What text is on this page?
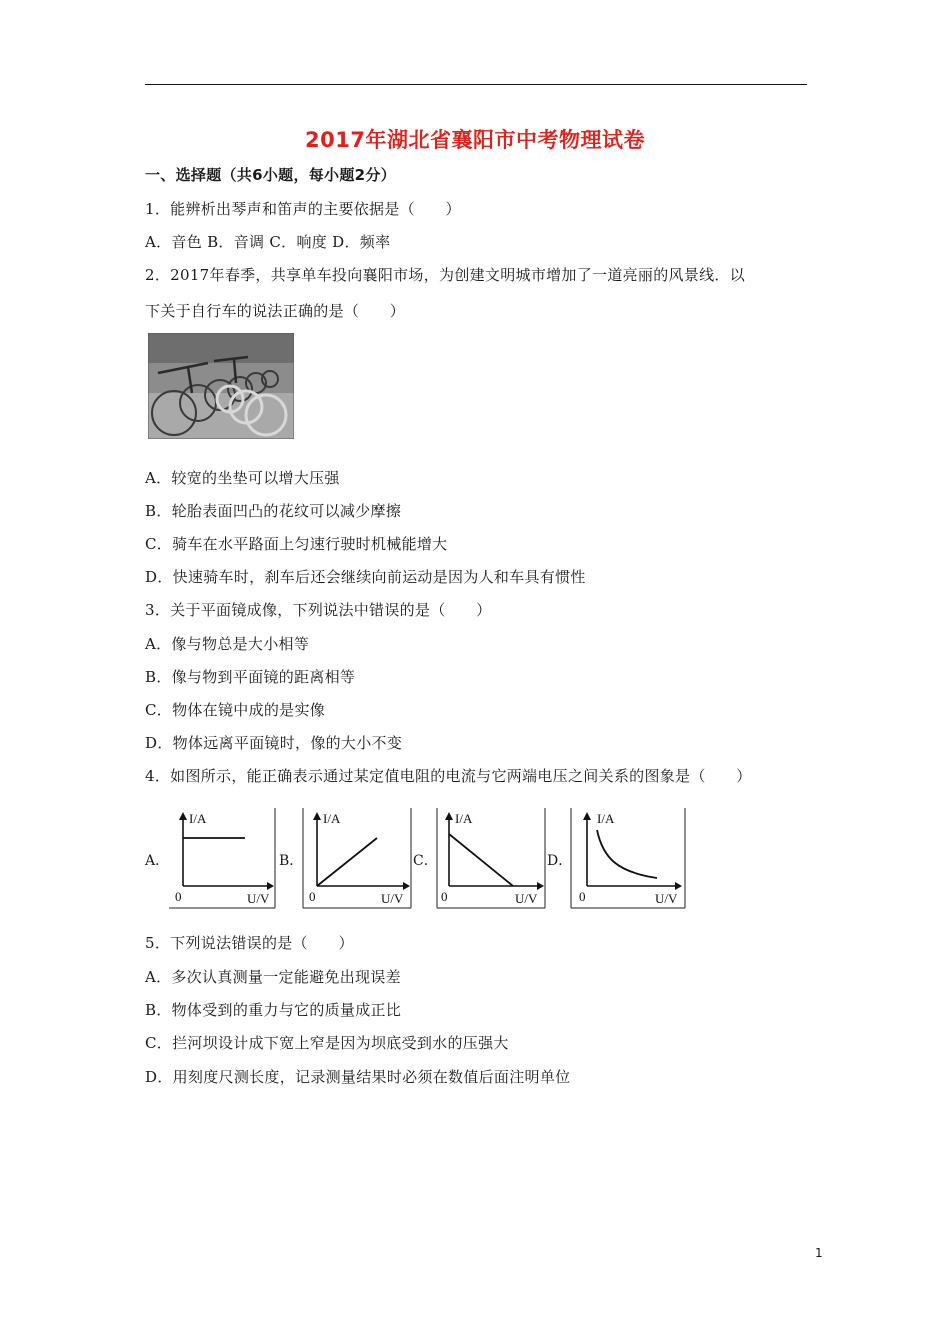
2017年湖北省襄阳市中考物理试卷
一、选择题（共6小题，每小题2分）
1．能辨析出琴声和笛声的主要依据是（　　）
A．音色 B．音调 C．响度 D．频率
2．2017年春季，共享单车投向襄阳市场，为创建文明城市增加了一道亮丽的风景线．以
下关于自行车的说法正确的是（　　）
A．较宽的坐垫可以增大压强
B．轮胎表面凹凸的花纹可以减少摩擦
C．骑车在水平路面上匀速行驶时机械能增大
D．快速骑车时，刹车后还会继续向前运动是因为人和车具有惯性
3．关于平面镜成像，下列说法中错误的是（　　）
A．像与物总是大小相等
B．像与物到平面镜的距离相等
C．物体在镜中成的是实像
D．物体远离平面镜时，像的大小不变
4．如图所示，能正确表示通过某定值电阻的电流与它两端电压之间关系的图象是（　　）
A．
I/A
0	U/V
B．
I/A
0	U/V
C．
I/A
0	U/V
D．
I/A
0	U/V
5．下列说法错误的是（　　）
A．多次认真测量一定能避免出现误差
B．物体受到的重力与它的质量成正比
C．拦河坝设计成下宽上窄是因为坝底受到水的压强大
D．用刻度尺测长度，记录测量结果时必须在数值后面注明单位
1
